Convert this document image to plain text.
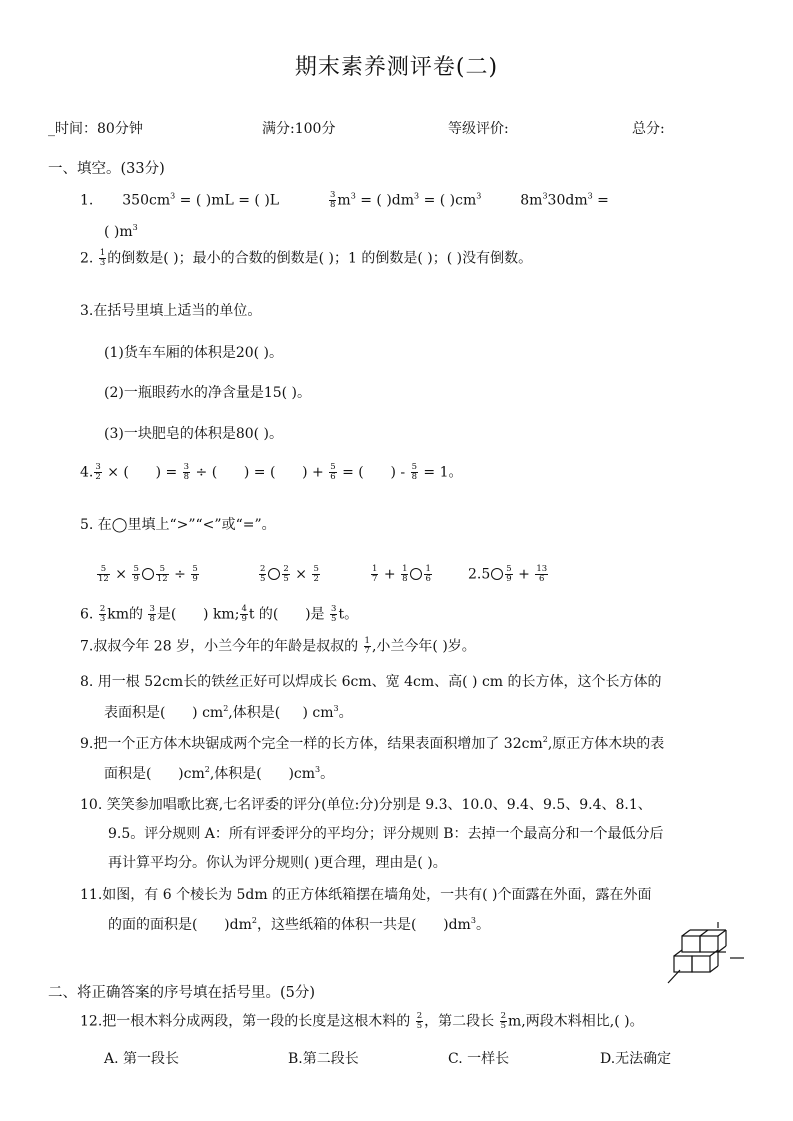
期末素养测评卷(二)
_时间：80分钟	满分:100分	等级评价:	总分:
一、填空。(33分)
1. $350cm^3$ = ( )mL = ( )L	$\frac{3}{8} m^3$ = ( )$dm^3$ = ( )$cm^3$	$8m^330dm^3$ =
( )$m^3$
2. $\frac{1}{3}$ 的倒数是( )；最小的合数的倒数是( )；1 的倒数是( )；( )没有倒数。
3.在括号里填上适当的单位。
(1)货车车厢的体积是20( )。
(2)一瓶眼药水的净含量是15( )。
(3)一块肥皂的体积是80( )。
4. $\frac{3}{2}$ × (      ) = $\frac{3}{8}$ ÷ (      ) = (      ) + $\frac{5}{6}$ = (      ) - $\frac{5}{8} = 1$。
5. 在◯里填上“>”“<”或“=”。
$\frac{5}{12} \times \frac{5}{9} \frac{5}{12} \div \frac{5}{9}$	$\frac{2}{5} \frac{2}{5} \times \frac{5}{2}$	$\frac{1}{7} + \frac{1}{8} \frac{1}{6}$	$2.5 \frac{5}{9} + \frac{13}{6}$
6. $\frac{2}{3}$ km的 $\frac{3}{8}$ 是(      ) km; $\frac{4}{9}$ t 的(      )是 $\frac{3}{5}$ t。
7.叔叔今年 28 岁，小兰今年的年龄是叔叔的 $\frac{1}{7}$ ,小兰今年( )岁。
8. 用一根 52cm长的铁丝正好可以焊成长 6cm、宽 4cm、高( ) cm 的长方体，这个长方体的
表面积是(      ) $cm^2$,体积是(     ) $cm^3$。
9.把一个正方体木块锯成两个完全一样的长方体，结果表面积增加了 $32cm^2$,原正方体木块的表
面积是(      )$cm^2$,体积是(      )$cm^3$。
10. 笑笑参加唱歌比赛,七名评委的评分(单位:分)分别是 9.3、10.0、9.4、9.5、9.4、8.1、
9.5。评分规则 A：所有评委评分的平均分；评分规则 B：去掉一个最高分和一个最低分后
再计算平均分。你认为评分规则( )更合理，理由是( )。
11.如图，有 6 个棱长为 5dm 的正方体纸箱摆在墙角处，一共有( )个面露在外面，露在外面
的面的面积是(      )$dm^2$，这些纸箱的体积一共是(      )$dm^3$。
二、将正确答案的序号填在括号里。(5分)
12.把一根木料分成两段，第一段的长度是这根木料的 $\frac{2}{5}$ ，第二段长 $\frac{2}{5} m$,两段木料相比,( )。
A. 第一段长	B.第二段长	C. 一样长	D.无法确定
